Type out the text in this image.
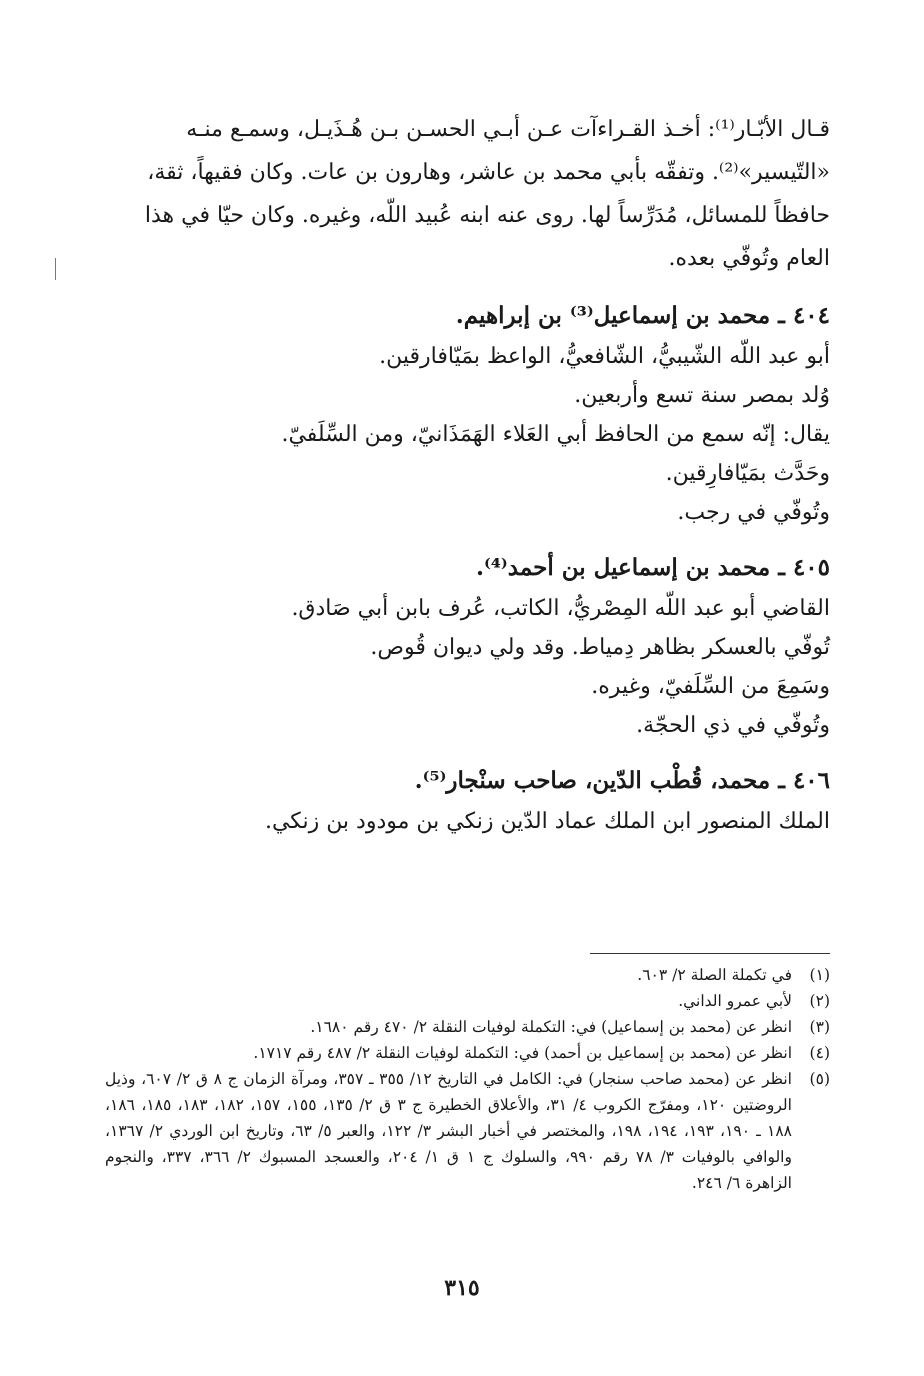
قـال الأبّـار⁽¹⁾: أخـذ القـراءآت عـن أبـي الحسـن بـن هُـذَيـل، وسمـع منـه

«التّيسير»⁽²⁾. وتفقّه بأبي محمد بن عاشر، وهارون بن عات. وكان فقيهاً، ثقة،

حافظاً للمسائل، مُدَرِّساً لها. روى عنه ابنه عُبيد اللّه، وغيره. وكان حيّا في هذا

العام وتُوفّي بعده.

٤٠٤ ـ محمد بن إسماعيل⁽³⁾ بن إبراهيم.

أبو عبد اللّه الشّيبيُّ، الشّافعيُّ، الواعظ بمَيّافارقين.

وُلد بمصر سنة تسع وأربعين.

يقال: إنّه سمع من الحافظ أبي العَلاء الهَمَذَانيّ، ومن السِّلَفيّ.

وحَدَّث بمَيّافارِقين.

وتُوفّي في رجب.

٤٠٥ ـ محمد بن إسماعيل بن أحمد⁽⁴⁾.

القاضي أبو عبد اللّه المِصْريُّ، الكاتب، عُرف بابن أبي صَادق.

تُوفّي بالعسكر بظاهر دِمياط. وقد ولي ديوان قُوص.

وسَمِعَ من السِّلَفيّ، وغيره.

وتُوفّي في ذي الحجّة.

٤٠٦ ـ محمد، قُطْب الدّين، صاحب سنْجار⁽⁵⁾.

الملك المنصور ابن الملك عماد الدّين زنكي بن مودود بن زنكي.

(١)
في تكملة الصلة ٢/ ٦٠٣.
(٢)
لأبي عمرو الداني.
(٣)
انظر عن (محمد بن إسماعيل) في: التكملة لوفيات النقلة ٢/ ٤٧٠ رقم ١٦٨٠.
(٤)
انظر عن (محمد بن إسماعيل بن أحمد) في: التكملة لوفيات النقلة ٢/ ٤٨٧ رقم ١٧١٧.
(٥)
انظر عن (محمد صاحب سنجار) في: الكامل في التاريخ ١٢/ ٣٥٥ ـ ٣٥٧، ومرآة الزمان ج ٨ ق ٢/ ٦٠٧، وذيل الروضتين ١٢٠، ومفرّج الكروب ٤/ ٣١، والأعلاق الخطيرة ج ٣ ق ٢/ ١٣٥، ١٥٥، ١٥٧، ١٨٢، ١٨٣، ١٨٥، ١٨٦، ١٨٨ ـ ١٩٠، ١٩٣، ١٩٤، ١٩٨، والمختصر في أخبار البشر ٣/ ١٢٢، والعبر ٥/ ٦٣، وتاريخ ابن الوردي ٢/ ١٣٦٧، والوافي بالوفيات ٣/ ٧٨ رقم ٩٩٠، والسلوك ج ١ ق ١/ ٢٠٤، والعسجد المسبوك ٢/ ٣٦٦، ٣٣٧، والنجوم الزاهرة ٦/ ٢٤٦.
٣١٥
